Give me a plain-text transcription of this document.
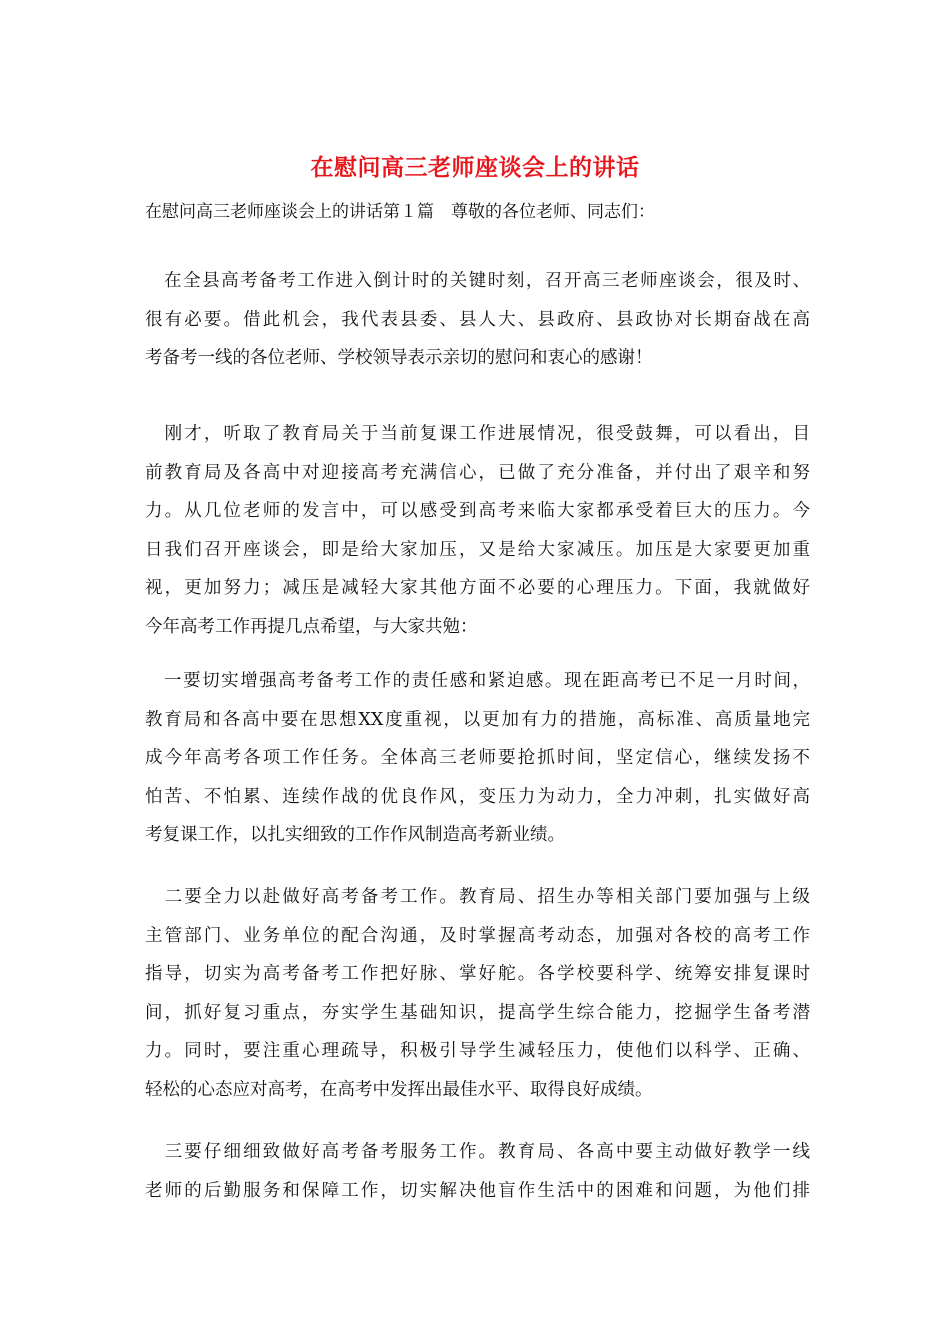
在慰问高三老师座谈会上的讲话

在慰问高三老师座谈会上的讲话第１篇　尊敬的各位老师、同志们：

　在全县高考备考工作进入倒计时的关键时刻，召开高三老师座谈会，很及时、
很有必要。借此机会，我代表县委、县人大、县政府、县政协对长期奋战在高
考备考一线的各位老师、学校领导表示亲切的慰问和衷心的感谢！
　刚才，听取了教育局关于当前复课工作进展情况，很受鼓舞，可以看出，目
前教育局及各高中对迎接高考充满信心，已做了充分准备，并付出了艰辛和努
力。从几位老师的发言中，可以感受到高考来临大家都承受着巨大的压力。今
日我们召开座谈会，即是给大家加压，又是给大家减压。加压是大家要更加重
视，更加努力；减压是减轻大家其他方面不必要的心理压力。下面，我就做好
今年高考工作再提几点希望，与大家共勉：
　一要切实增强高考备考工作的责任感和紧迫感。现在距高考已不足一月时间，
教育局和各高中要在思想XX度重视，以更加有力的措施，高标准、高质量地完
成今年高考各项工作任务。全体高三老师要抢抓时间，坚定信心，继续发扬不
怕苦、不怕累、连续作战的优良作风，变压力为动力，全力冲刺，扎实做好高
考复课工作，以扎实细致的工作作风制造高考新业绩。
　二要全力以赴做好高考备考工作。教育局、招生办等相关部门要加强与上级
主管部门、业务单位的配合沟通，及时掌握高考动态，加强对各校的高考工作
指导，切实为高考备考工作把好脉、掌好舵。各学校要科学、统筹安排复课时
间，抓好复习重点，夯实学生基础知识，提高学生综合能力，挖掘学生备考潜
力。同时，要注重心理疏导，积极引导学生减轻压力，使他们以科学、正确、
轻松的心态应对高考，在高考中发挥出最佳水平、取得良好成绩。
　三要仔细细致做好高考备考服务工作。教育局、各高中要主动做好教学一线
老师的后勤服务和保障工作，切实解决他盲作生活中的困难和问题，为他们排
